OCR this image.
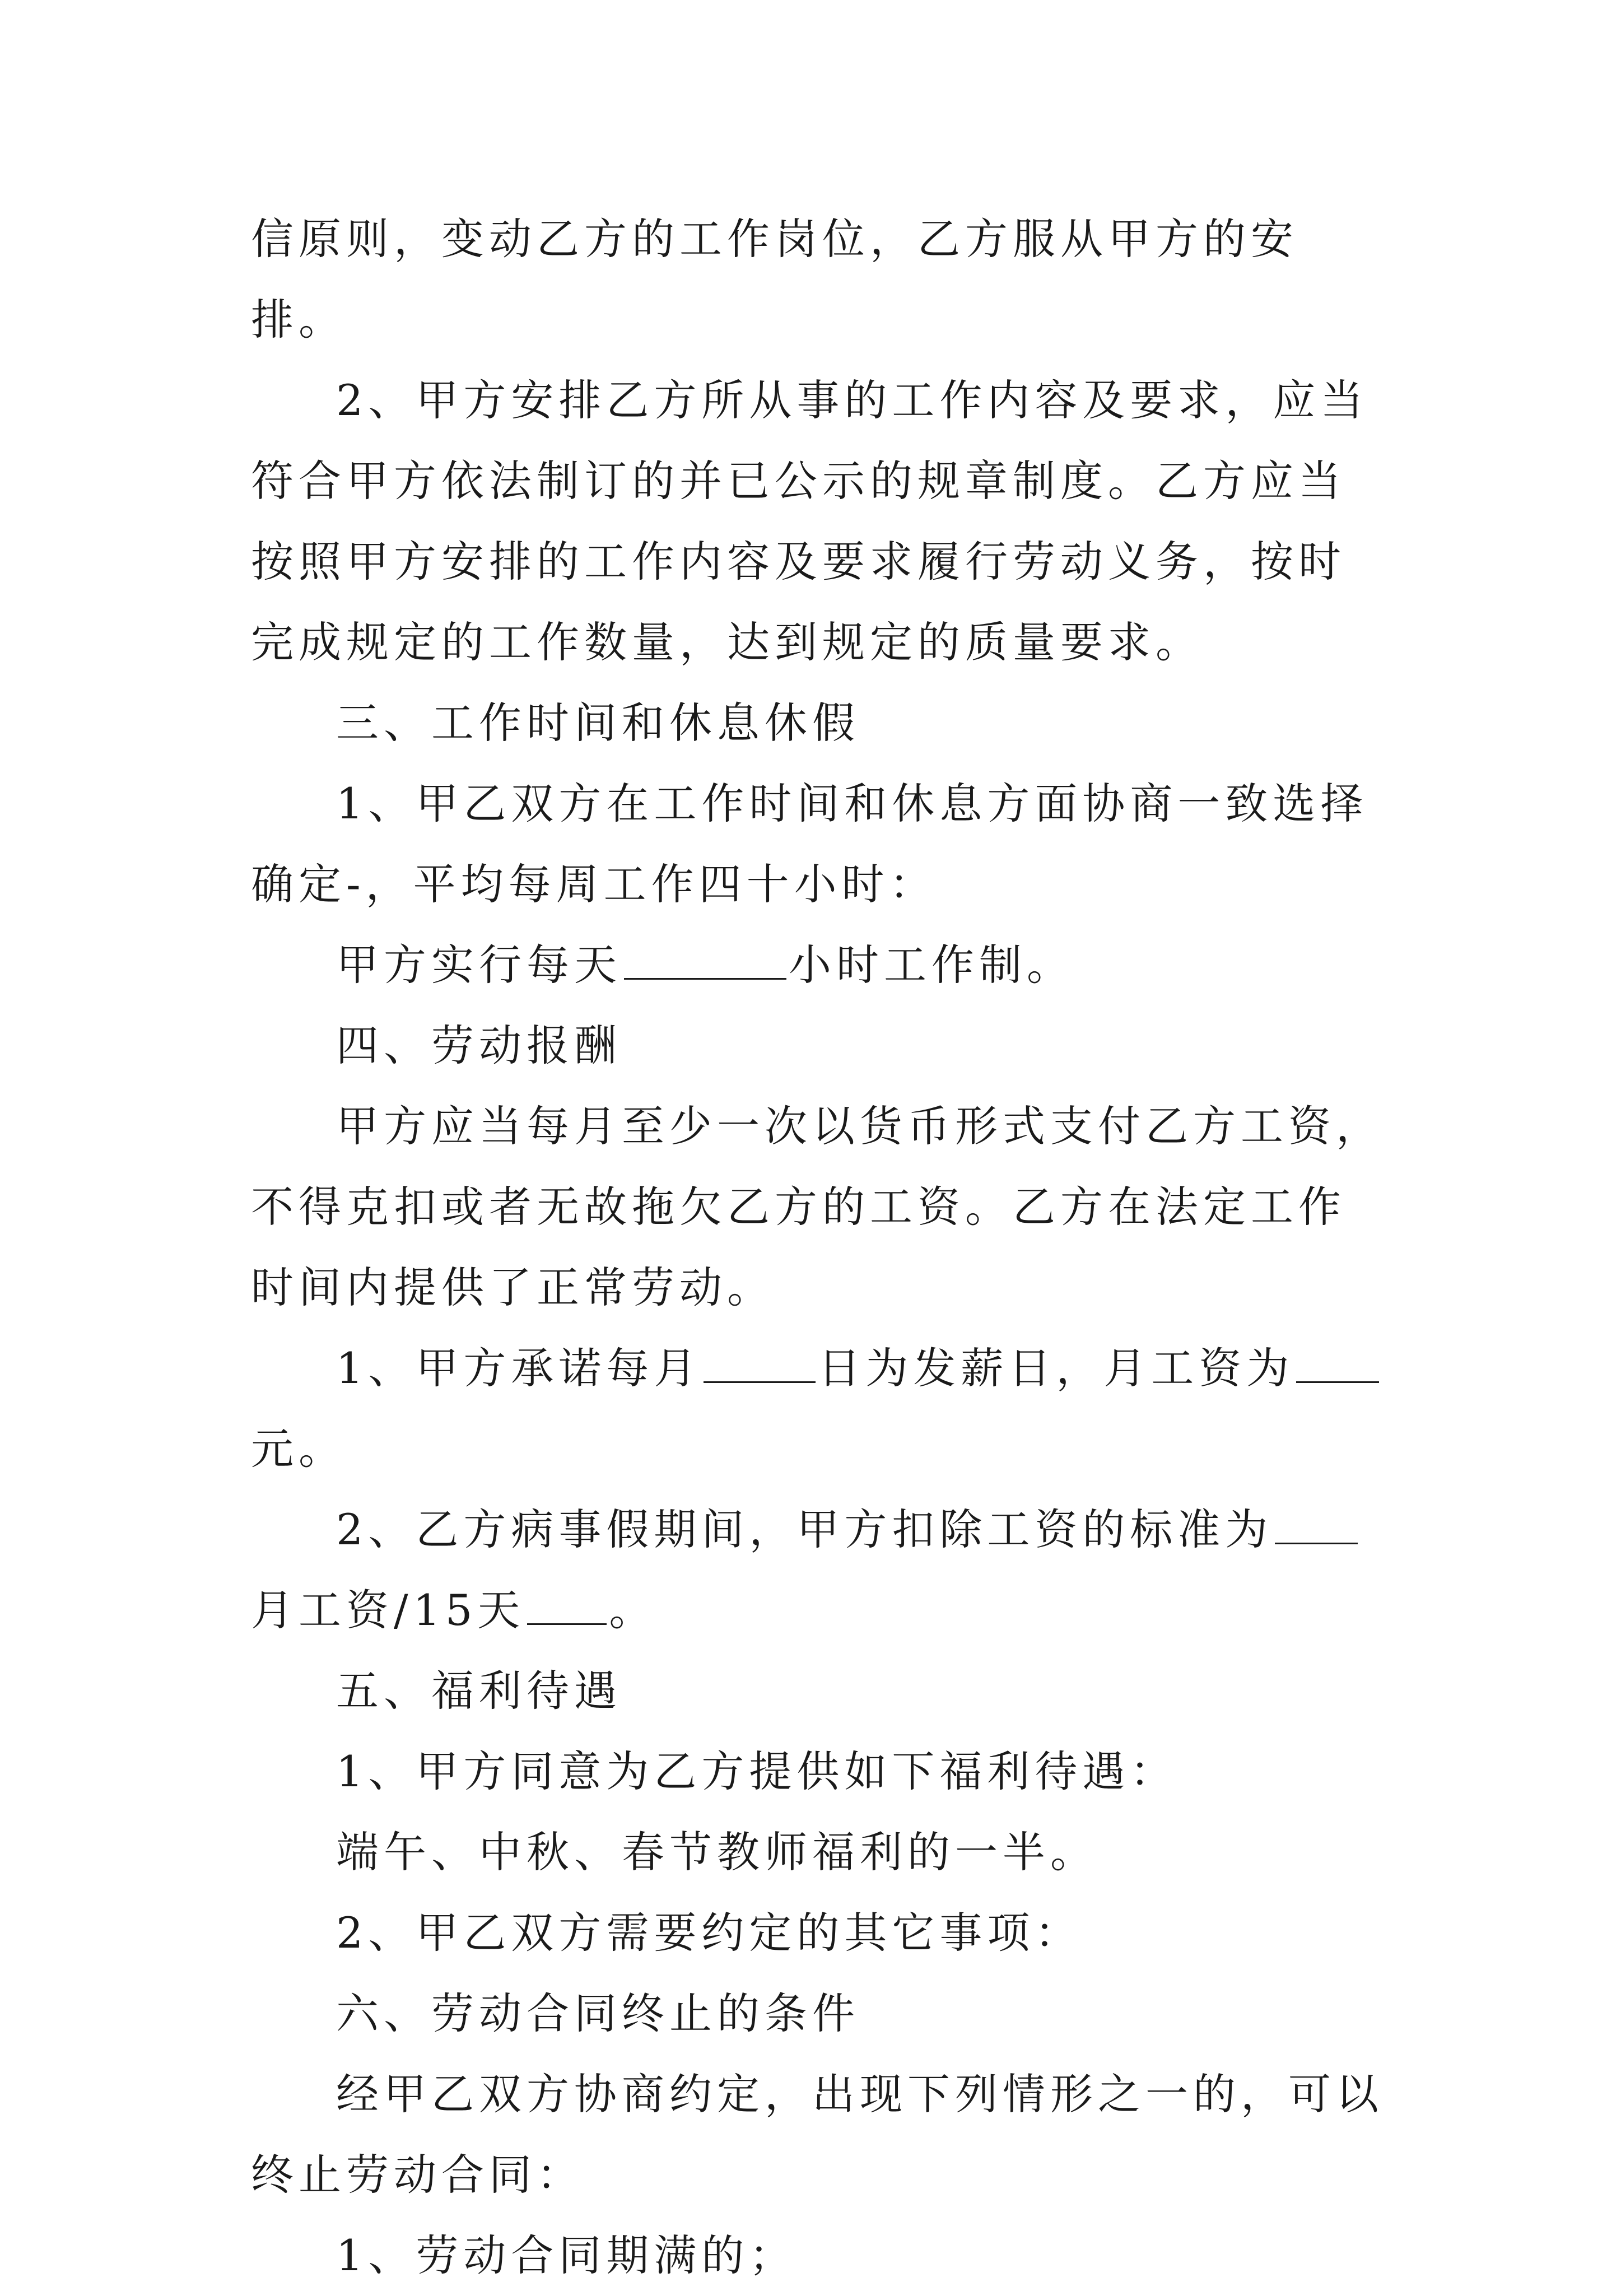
信原则，变动乙方的工作岗位，乙方服从甲方的安排。

2、甲方安排乙方所从事的工作内容及要求，应当符合甲方依法制订的并已公示的规章制度。乙方应当按照甲方安排的工作内容及要求履行劳动义务，按时完成规定的工作数量，达到规定的质量要求。

三、工作时间和休息休假

1、甲乙双方在工作时间和休息方面协商一致选择确定-，平均每周工作四十小时：

甲方实行每天	小时工作制。

四、劳动报酬

甲方应当每月至少一次以货币形式支付乙方工资，不得克扣或者无故拖欠乙方的工资。乙方在法定工作时间内提供了正常劳动。

1、甲方承诺每月	日为发薪日，月工资为元。

2、乙方病事假期间，甲方扣除工资的标准为月工资/15天 。

五、福利待遇

1、甲方同意为乙方提供如下福利待遇：

端午、中秋、春节教师福利的一半。

2、甲乙双方需要约定的其它事项：

六、劳动合同终止的条件

经甲乙双方协商约定，出现下列情形之一的，可以终止劳动合同：

1、劳动合同期满的；
